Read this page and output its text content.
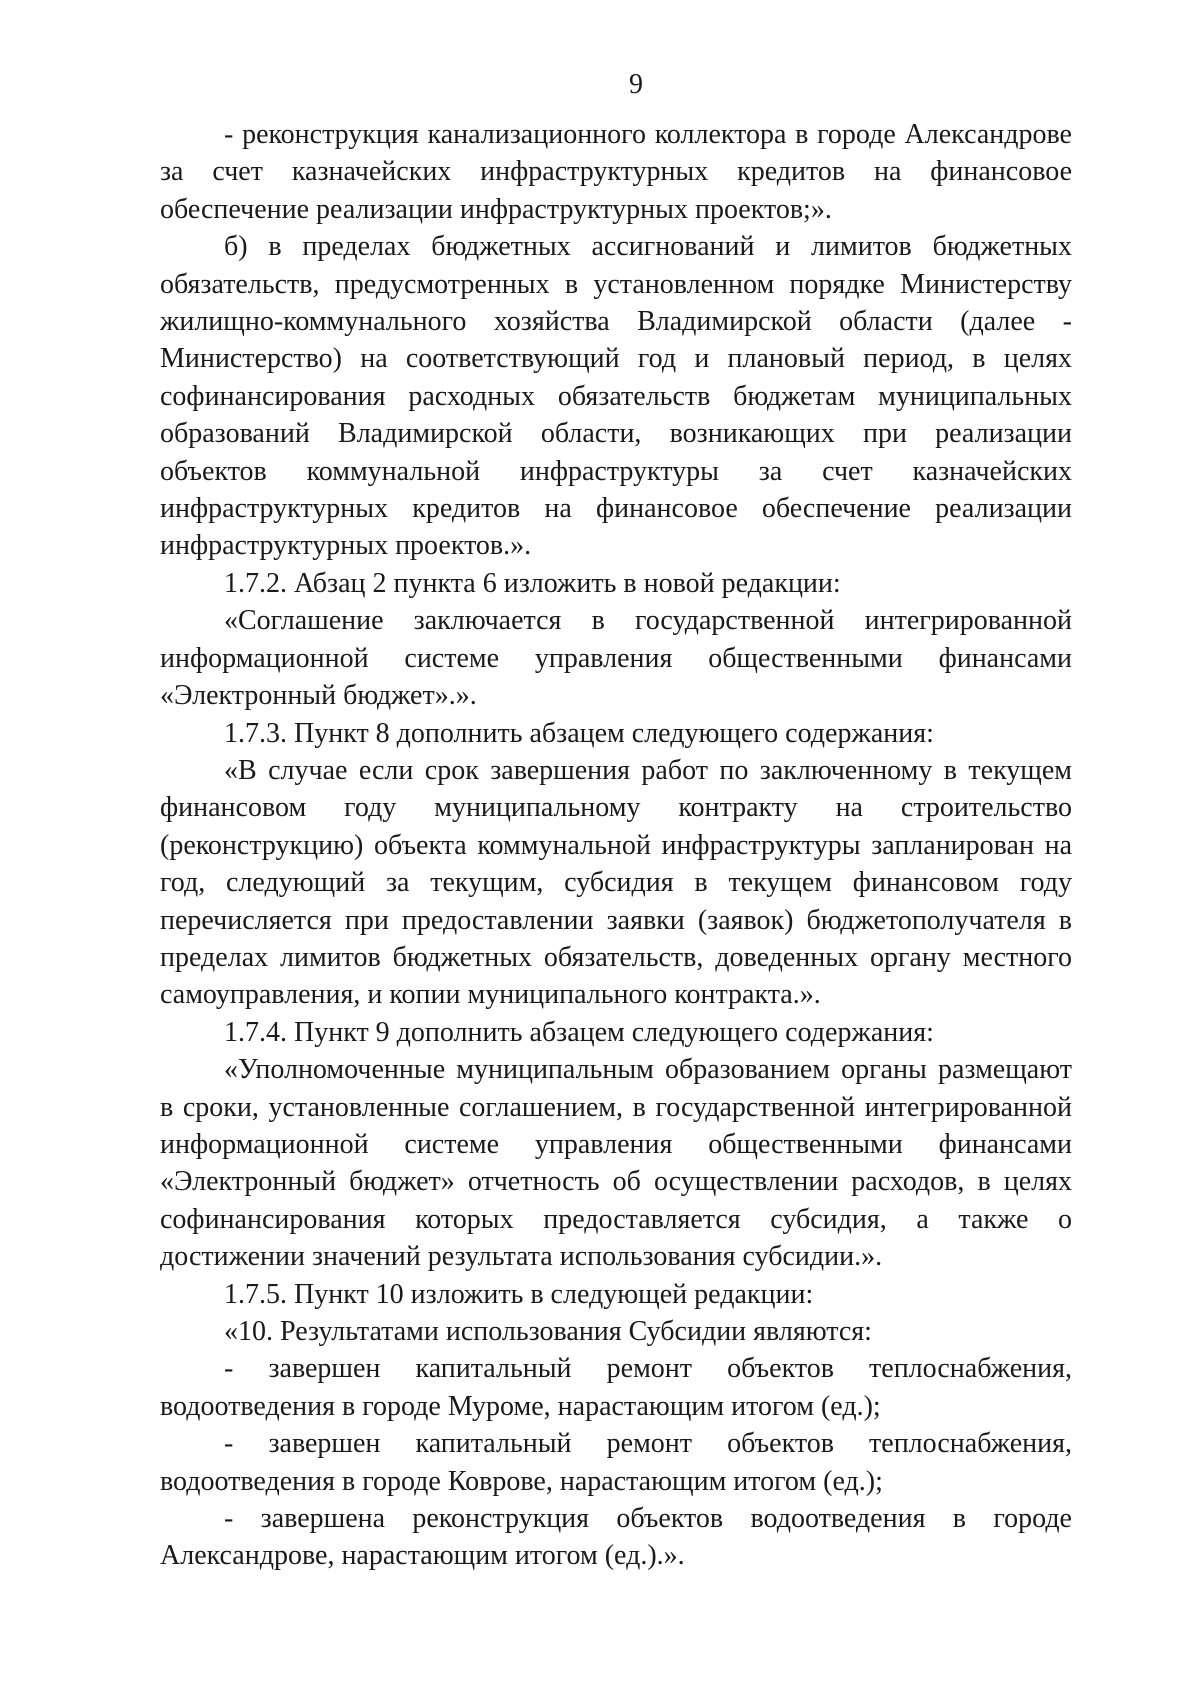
9

- реконструкция канализационного коллектора в городе Александрове за счет казначейских инфраструктурных кредитов на финансовое обеспечение реализации инфраструктурных проектов;».

б) в пределах бюджетных ассигнований и лимитов бюджетных обязательств, предусмотренных в установленном порядке Министерству жилищно-коммунального хозяйства Владимирской области (далее - Министерство) на соответствующий год и плановый период, в целях софинансирования расходных обязательств бюджетам муниципальных образований Владимирской области, возникающих при реализации объектов коммунальной инфраструктуры за счет казначейских инфраструктурных кредитов на финансовое обеспечение реализации инфраструктурных проектов.».

1.7.2. Абзац 2 пункта 6 изложить в новой редакции:

«Соглашение заключается в государственной интегрированной информационной системе управления общественными финансами «Электронный бюджет».».

1.7.3. Пункт 8 дополнить абзацем следующего содержания:

«В случае если срок завершения работ по заключенному в текущем финансовом году муниципальному контракту на строительство (реконструкцию) объекта коммунальной инфраструктуры запланирован на год, следующий за текущим, субсидия в текущем финансовом году перечисляется при предоставлении заявки (заявок) бюджетополучателя в пределах лимитов бюджетных обязательств, доведенных органу местного самоуправления, и копии муниципального контракта.».

1.7.4. Пункт 9 дополнить абзацем следующего содержания:

«Уполномоченные муниципальным образованием органы размещают в сроки, установленные соглашением, в государственной интегрированной информационной системе управления общественными финансами «Электронный бюджет» отчетность об осуществлении расходов, в целях софинансирования которых предоставляется субсидия, а также о достижении значений результата использования субсидии.».

1.7.5. Пункт 10 изложить в следующей редакции:

«10. Результатами использования Субсидии являются:

- завершен капитальный ремонт объектов теплоснабжения, водоотведения в городе Муроме, нарастающим итогом (ед.);

- завершен капитальный ремонт объектов теплоснабжения, водоотведения в городе Коврове, нарастающим итогом (ед.);

- завершена реконструкция объектов водоотведения в городе Александрове, нарастающим итогом (ед.).».
